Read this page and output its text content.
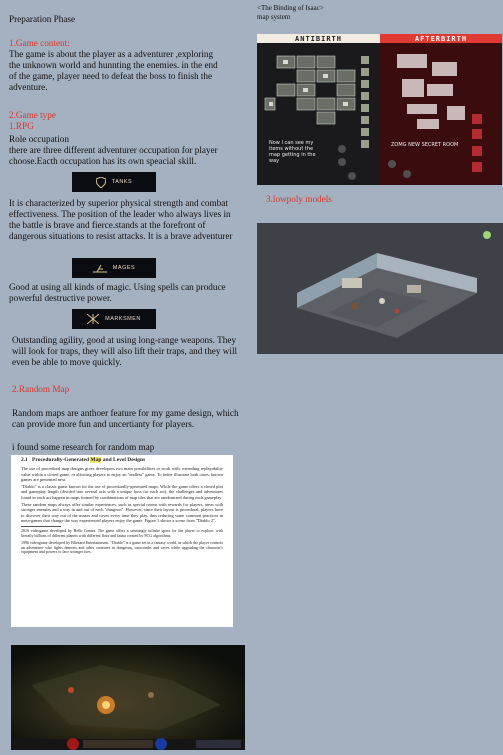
Preparation Phase

1.Game content:

The game is about the player as a adventurer ,exploring the unknown world and hunnting the enemies. in the end of the game, player need to defeat the boss to finish the adventure.

2.Game type

1.RPG

Role occupation
there are three different adventurer occupation for player choose.Eacth occupation has its own speacial skill.

TANKS

It is characterized by superior physical strength and combat effectiveness. The position of the leader who always lives in the battle is brave and fierce.stands at the forefront of dangerous situations to resist attacks. It is a brave adventurer

MAGES

Good at using all kinds of magic. Using spells can produce powerful destructive power.

MARKSMEN

Outstanding agility, good at using long-range weapons. They will look for traps, they will also lift their traps, and they will even be able to move quickly.

2.Random Map

Random maps are anthoer feature for my game design, which can provide more fun and uncertianty for players.

i found some research for random map

2.1 Procedurally-Generated Map and Level Designs

The use of procedural map designs gives developers two main possibilities to work with: extending replayability value within a closed game, or allowing players to enjoy an "endless" game. To better illustrate both cases, known games are presented next.

"Diablo" is a classic game known for the use of procedurally-generated maps. While the game offers a closed plot and gameplay length (divided into several acts with a unique boss for each act), the challenges and adventures found in each act happen in maps formed by combinations of map tiles that are randomized during each gameplay.

These random maps always offer similar experiences, such as special rooms with rewards for players, areas with stronger enemies and a way in and out of each "dungeon". However, since their layout is procedural, players have to discover their way out of the mazes and caves every time they play, thus reducing some common practices in meta-games that change the way experienced players enjoy the game. Figure 1 shows a scene from "Diablo 2".

2016 videogame developed by Hello Games. The game offers a seemingly infinite space for the player to explore, with literally billions of different planets with different flora and fauna created by PCG algorithms.

1996 videogame developed by Blizzard Entertainment. "Diablo" is a game set in a fantasy world, in which the player controls an adventurer who fights demons and other creatures in dungeons, catacombs and caves while upgrading the character's equipment and powers to face stronger foes.

<The Binding of Isaac>

map system

ANTIBIRTH	AFTERBIRTH
Now I can see my items without the map getting in the way
ZOMG NEW SECRET ROOM

3.lowpoly models
